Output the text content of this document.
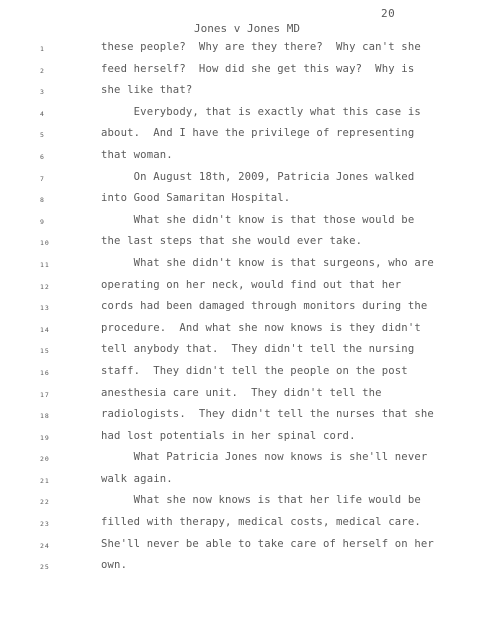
20
Jones v Jones MD
1	these people?  Why are they there?  Why can't she
2	feed herself?  How did she get this way?  Why is
3	she like that?
4	Everybody, that is exactly what this case is
5	about.  And I have the privilege of representing
6	that woman.
7	On August 18th, 2009, Patricia Jones walked
8	into Good Samaritan Hospital.
9	What she didn't know is that those would be
10	the last steps that she would ever take.
11	What she didn't know is that surgeons, who are
12	operating on her neck, would find out that her
13	cords had been damaged through monitors during the
14	procedure.  And what she now knows is they didn't
15	tell anybody that.  They didn't tell the nursing
16	staff.  They didn't tell the people on the post
17	anesthesia care unit.  They didn't tell the
18	radiologists.  They didn't tell the nurses that she
19	had lost potentials in her spinal cord.
20	What Patricia Jones now knows is she'll never
21	walk again.
22	What she now knows is that her life would be
23	filled with therapy, medical costs, medical care.
24	She'll never be able to take care of herself on her
25	own.
